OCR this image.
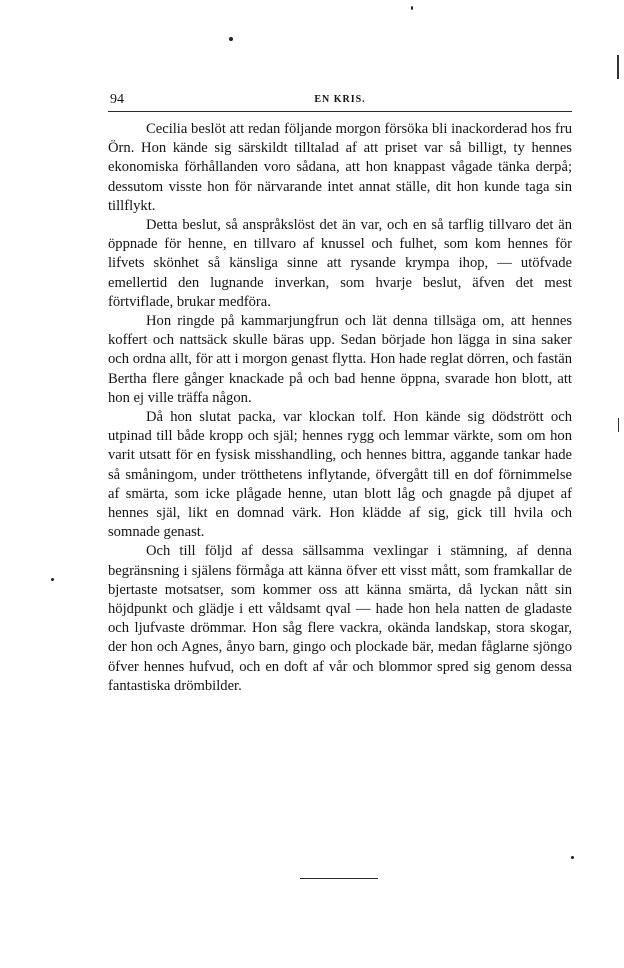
94	EN KRIS.

Cecilia beslöt att redan följande morgon försöka bli inackorderad hos fru Örn. Hon kände sig särskildt tilltalad af att priset var så billigt, ty hennes ekonomiska förhållanden voro sådana, att hon knappast vågade tänka derpå; dessutom visste hon för närvarande intet annat ställe, dit hon kunde taga sin tillflykt.

Detta beslut, så anspråkslöst det än var, och en så tarflig tillvaro det än öppnade för henne, en tillvaro af knussel och fulhet, som kom hennes för lifvets skönhet så känsliga sinne att rysande krympa ihop, — utöfvade emellertid den lugnande inverkan, som hvarje beslut, äfven det mest förtviflade, brukar medföra.

Hon ringde på kammarjungfrun och lät denna tillsäga om, att hennes koffert och nattsäck skulle bäras upp. Sedan började hon lägga in sina saker och ordna allt, för att i morgon genast flytta. Hon hade reglat dörren, och fastän Bertha flere gånger knackade på och bad henne öppna, svarade hon blott, att hon ej ville träffa någon.

Då hon slutat packa, var klockan tolf. Hon kände sig dödstrött och utpinad till både kropp och själ; hennes rygg och lemmar värkte, som om hon varit utsatt för en fysisk misshandling, och hennes bittra, aggande tankar hade så småningom, under trötthetens inflytande, öfvergått till en dof förnimmelse af smärta, som icke plågade henne, utan blott låg och gnagde på djupet af hennes själ, likt en domnad värk. Hon klädde af sig, gick till hvila och somnade genast.

Och till följd af dessa sällsamma vexlingar i stämning, af denna begränsning i själens förmåga att känna öfver ett visst mått, som framkallar de bjertaste motsatser, som kommer oss att känna smärta, då lyckan nått sin höjdpunkt och glädje i ett våldsamt qval — hade hon hela natten de gladaste och ljufvaste drömmar. Hon såg flere vackra, okända landskap, stora skogar, der hon och Agnes, ånyo barn, gingo och plockade bär, medan fåglarne sjöngo öfver hennes hufvud, och en doft af vår och blommor spred sig genom dessa fantastiska drömbilder.
